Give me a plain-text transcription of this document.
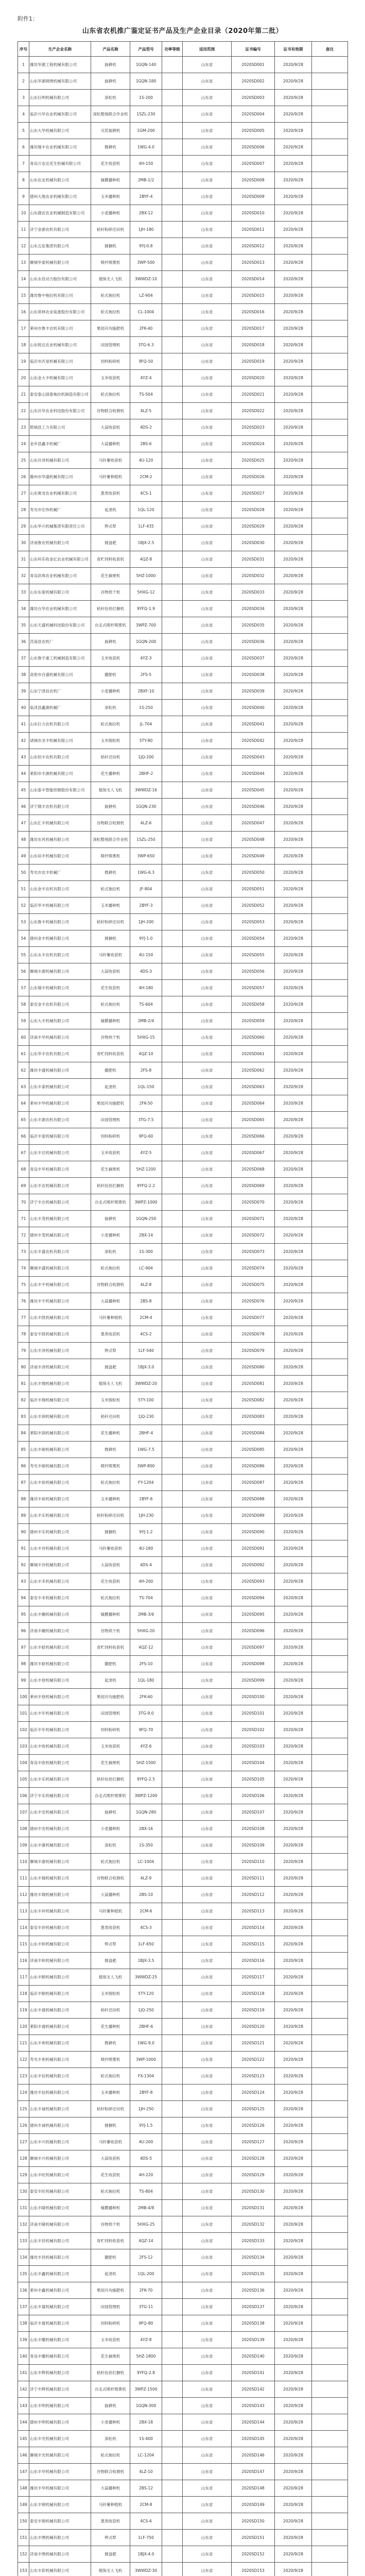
附件1：
山东省农机推广鉴定证书产品及生产企业目录（2020年第二批）
序号	生产企业名称	产品名称	产品型号	功率等级	适用范围	证书编号	证书有效期	备注
1	潍坊华源工程机械有限公司	旋耕机	1GQN-140		山东省	2020SD001	2020/9/28	
2	山东华源锦绣机械有限公司	旋耕机	1GQN-180		山东省	2020SD002	2020/9/28	
3	山东巨明机械有限公司	深松机	1S-200		山东省	2020SD003	2020/9/28	
4	临沂兴华农业机械有限公司	深松整地联合作业机	1SZL-230		山东省	2020SD004	2020/9/28	
5	山东大华机械有限公司	灭茬旋耕机	1GM-200		山东省	2020SD005	2020/9/28	
6	潍坊瑞丰农业机械有限公司	微耕机	1WG-4.0		山东省	2020SD006	2020/9/28	
7	青岛万农达花生机械有限公司	花生收获机	4H-150		山东省	2020SD007	2020/9/28	
8	山东农友机械有限公司	铺膜播种机	2MB-1/2		山东省	2020SD008	2020/9/28	
9	德州大地农业机械有限公司	玉米播种机	2BYF-4		山东省	2020SD009	2020/9/28	
10	山东德农农业机械制造有限公司	小麦播种机	2BX-12		山东省	2020SD010	2020/9/28	
11	济宁金源农机有限公司	秸秆粉碎还田机	1JH-180		山东省	2020SD011	2020/9/28	
12	山东五征集团有限公司	圆捆机	9YJ-0.8		山东省	2020SD012	2020/9/28	
13	聊城华泰机械有限公司	喷杆喷雾机	3WP-500		山东省	2020SD013	2020/9/28	
14	山东永佳动力股份有限公司	植保无人飞机	3WWDZ-10		山东省	2020SD014	2020/9/28	
15	潍坊鲁中拖拉机有限公司	轮式拖拉机	LZ-904		山东省	2020SD015	2020/9/28	
16	山东常林农业装备股份有限公司	轮式拖拉机	CL-1004		山东省	2020SD016	2020/9/28	
17	莱州市鲁丰农机有限公司	果园开沟施肥机	2FK-40		山东省	2020SD017	2020/9/28	
18	山东锐达农业机械有限公司	田园管理机	3TG-6.3		山东省	2020SD018	2020/9/28	
19	临沂市沂星机械有限公司	饲料粉碎机	9FQ-50		山东省	2020SD019	2020/9/28	
20	山东金大丰机械有限公司	玉米收获机	4YZ-4		山东省	2020SD020	2020/9/28	
21	泰安泰山国泰拖拉机制造有限公司	轮式拖拉机	TS-504		山东省	2020SD021	2020/9/28	
22	山东沃华农业科技股份有限公司	谷物联合收割机	4LZ-5		山东省	2020SD022	2020/9/28	
23	郓城县工力有限公司	大蒜收获机	4DS-2		山东省	2020SD023	2020/9/28	
24	金乡县鑫丰机械厂	大蒜播种机	2BS-6		山东省	2020SD024	2020/9/28	
25	山东开泽机械有限公司	马铃薯收获机	4U-120		山东省	2020SD025	2020/9/28	
26	滕州市华盛机械有限公司	马铃薯种植机	2CM-2		山东省	2020SD026	2020/9/28	
27	山东奥龙农业机械有限公司	葱类收获机	4CS-1		山东省	2020SD027	2020/9/28	
28	寿光市宏伟机械厂	起垄机	1QL-120		山东省	2020SD028	2020/9/28	
29	山东华兴机械集团有限责任公司	铧式犁	1LF-435		山东省	2020SD029	2020/9/28	
30	济南鲁农机械有限公司	圆盘耙	1BJX-2.5		山东省	2020SD030	2020/9/28	
31	山东科乐收金亿农业机械有限公司	青贮饲料收获机	4QZ-8		山东省	2020SD031	2020/9/28	
32	青岛洪珠农业机械有限公司	花生摘果机	5HZ-1000		山东省	2020SD032	2020/9/28	
33	山东东泰机械有限公司	谷物烘干机	5HXG-12		山东省	2020SD033	2020/9/28	
34	潍坊百华农业机械有限公司	秸秆捡拾打捆机	9YFQ-1.9		山东省	2020SD034	2020/9/28	
35	山东天盛机械科技股份有限公司	自走式喷杆喷雾机	3WPZ-700		山东省	2020SD035	2020/9/28	
36	莒南县农机厂	旋耕机	1GQN-200		山东省	2020SD036	2020/9/28	
37	山东鲁宇重工机械制造有限公司	玉米收获机	4YZ-3		山东省	2020SD037	2020/9/28	
38	高密市百盛机械有限公司	撒肥机	2FS-5		山东省	2020SD038	2020/9/28	
39	山东宁津县农机厂	小麦播种机	2BXF-10		山东省	2020SD039	2020/9/28	
40	临沭县鑫源机械厂	深松机	1S-250		山东省	2020SD040	2020/9/28	
41	山东巨力农机有限公司	轮式拖拉机	JL-704		山东省	2020SD041	2020/9/28	
42	诸城市圣丰机械有限公司	玉米脱粒机	5TY-80		山东省	2020SD042	2020/9/28	
43	山东恒丰农机有限公司	秸秆还田机	1JQ-200		山东省	2020SD043	2020/9/28	
44	莱阳市丰源机械有限公司	花生播种机	2BHF-2		山东省	2020SD044	2020/9/28	
45	山东泰丰智能控制股份有限公司	植保无人飞机	3WWDZ-16		山东省	2020SD045	2020/9/28	
46	济宁德丰农机有限公司	旋耕机	1GQN-230		山东省	2020SD046	2020/9/28	
47	山东汇丰机械有限公司	谷物联合收割机	4LZ-6		山东省	2020SD047	2020/9/28	
48	潍坊东风机械有限公司	深松整地联合作业机	1SZL-250		山东省	2020SD048	2020/9/28	
49	山东田丰机械有限公司	喷杆喷雾机	3WP-650		山东省	2020SD049	2020/9/28	
50	寿光市农丰机械厂	微耕机	1WG-6.3		山东省	2020SD050	2020/9/28	
51	山东金丰农机有限公司	轮式拖拉机	JF-804		山东省	2020SD051	2020/9/28	
52	临沂华丰机械有限公司	玉米播种机	2BYF-3		山东省	2020SD052	2020/9/28	
53	山东鲁丰机械有限公司	秸秆粉碎还田机	1JH-200		山东省	2020SD053	2020/9/28	
54	德州金丰机械有限公司	圆捆机	9YJ-1.0		山东省	2020SD054	2020/9/28	
55	山东永丰农机有限公司	马铃薯收获机	4U-150		山东省	2020SD055	2020/9/28	
56	聊城丰源机械有限公司	大蒜收获机	4DS-3		山东省	2020SD056	2020/9/28	
57	山东瑞丰机械有限公司	花生收获机	4H-180		山东省	2020SD057	2020/9/28	
58	泰安金丰农机有限公司	轮式拖拉机	TS-604		山东省	2020SD058	2020/9/28	
59	山东大丰机械有限公司	铺膜播种机	2MB-2/4		山东省	2020SD059	2020/9/28	
60	济南丰华机械有限公司	谷物烘干机	5HXG-15		山东省	2020SD060	2020/9/28	
61	山东华丰农机有限公司	青贮饲料收获机	4QZ-10		山东省	2020SD061	2020/9/28	
62	潍坊丰盛机械有限公司	撒肥机	2FS-8		山东省	2020SD062	2020/9/28	
63	山东丰泰机械有限公司	起垄机	1QL-150		山东省	2020SD063	2020/9/28	
64	莱州丰华机械有限公司	果园开沟施肥机	2FK-50		山东省	2020SD064	2020/9/28	
65	山东丰源农机有限公司	田园管理机	3TG-7.5		山东省	2020SD065	2020/9/28	
66	临沂丰泰机械有限公司	饲料粉碎机	9FQ-60		山东省	2020SD066	2020/9/28	
67	山东丰达机械有限公司	玉米收获机	4YZ-5		山东省	2020SD067	2020/9/28	
68	青岛丰华机械有限公司	花生摘果机	5HZ-1200		山东省	2020SD068	2020/9/28	
69	山东丰农机械有限公司	秸秆捡拾打捆机	9YFQ-2.2		山东省	2020SD069	2020/9/28	
70	济宁丰达机械有限公司	自走式喷杆喷雾机	3WPZ-1000		山东省	2020SD070	2020/9/28	
71	山东丰茂机械有限公司	旋耕机	1GQN-250		山东省	2020SD071	2020/9/28	
72	德州丰茂机械有限公司	小麦播种机	2BX-14		山东省	2020SD072	2020/9/28	
73	山东丰盛农机有限公司	深松机	1S-300		山东省	2020SD073	2020/9/28	
74	聊城丰盛机械有限公司	轮式拖拉机	LC-904		山东省	2020SD074	2020/9/28	
75	山东丰宇机械有限公司	谷物联合收割机	4LZ-8		山东省	2020SD075	2020/9/28	
76	潍坊丰宇机械有限公司	大蒜播种机	2BS-8		山东省	2020SD076	2020/9/28	
77	山东丰凯机械有限公司	马铃薯种植机	2CM-4		山东省	2020SD077	2020/9/28	
78	泰安丰凯机械有限公司	葱类收获机	4CS-2		山东省	2020SD078	2020/9/28	
79	山东丰泽机械有限公司	铧式犁	1LF-540		山东省	2020SD079	2020/9/28	
80	济南丰泽机械有限公司	圆盘耙	1BJX-3.0		山东省	2020SD080	2020/9/28	
81	山东丰翔机械有限公司	植保无人飞机	3WWDZ-20		山东省	2020SD081	2020/9/28	
82	临沂丰翔机械有限公司	玉米脱粒机	5TY-100		山东省	2020SD082	2020/9/28	
83	山东丰润机械有限公司	秸秆还田机	1JQ-230		山东省	2020SD083	2020/9/28	
84	莱阳丰润机械有限公司	花生播种机	2BHF-4		山东省	2020SD084	2020/9/28	
85	山东丰硕机械有限公司	微耕机	1WG-7.5		山东省	2020SD085	2020/9/28	
86	寿光丰硕机械有限公司	喷杆喷雾机	3WP-800		山东省	2020SD086	2020/9/28	
87	山东丰裕机械有限公司	轮式拖拉机	FY-1204		山东省	2020SD087	2020/9/28	
88	潍坊丰裕机械有限公司	玉米播种机	2BYF-6		山东省	2020SD088	2020/9/28	
89	山东丰实机械有限公司	秸秆粉碎还田机	1JH-230		山东省	2020SD089	2020/9/28	
90	德州丰实机械有限公司	圆捆机	9YJ-1.2		山东省	2020SD090	2020/9/28	
91	山东丰谷机械有限公司	马铃薯收获机	4U-180		山东省	2020SD091	2020/9/28	
92	聊城丰谷机械有限公司	大蒜收获机	4DS-4		山东省	2020SD092	2020/9/28	
93	山东丰禾机械有限公司	花生收获机	4H-200		山东省	2020SD093	2020/9/28	
94	泰安丰禾机械有限公司	轮式拖拉机	TS-704		山东省	2020SD094	2020/9/28	
95	山东丰穗机械有限公司	铺膜播种机	2MB-3/6		山东省	2020SD095	2020/9/28	
96	济南丰穗机械有限公司	谷物烘干机	5HXG-20		山东省	2020SD096	2020/9/28	
97	山东丰稔机械有限公司	青贮饲料收获机	4QZ-12		山东省	2020SD097	2020/9/28	
98	潍坊丰稔机械有限公司	撒肥机	2FS-10		山东省	2020SD098	2020/9/28	
99	山东丰登机械有限公司	起垄机	1QL-180		山东省	2020SD099	2020/9/28	
100	莱州丰登机械有限公司	果园开沟施肥机	2FK-60		山东省	2020SD100	2020/9/28	
101	山东丰年机械有限公司	田园管理机	3TG-9.0		山东省	2020SD101	2020/9/28	
102	临沂丰年机械有限公司	饲料粉碎机	9FQ-70		山东省	2020SD102	2020/9/28	
103	山东丰收机械有限公司	玉米收获机	4YZ-6		山东省	2020SD103	2020/9/28	
104	青岛丰收机械有限公司	花生摘果机	5HZ-1500		山东省	2020SD104	2020/9/28	
105	山东丰乐机械有限公司	秸秆捡拾打捆机	9YFQ-2.5		山东省	2020SD105	2020/9/28	
106	济宁丰乐机械有限公司	自走式喷杆喷雾机	3WPZ-1200		山东省	2020SD106	2020/9/28	
107	山东丰安机械有限公司	旋耕机	1GQN-280		山东省	2020SD107	2020/9/28	
108	德州丰安机械有限公司	小麦播种机	2BX-16		山东省	2020SD108	2020/9/28	
109	山东丰康机械有限公司	深松机	1S-350		山东省	2020SD109	2020/9/28	
110	聊城丰康机械有限公司	轮式拖拉机	LC-1004		山东省	2020SD110	2020/9/28	
111	山东丰瑞机械有限公司	谷物联合收割机	4LZ-9		山东省	2020SD111	2020/9/28	
112	潍坊丰瑞机械有限公司	大蒜播种机	2BS-10		山东省	2020SD112	2020/9/28	
113	山东丰祥机械有限公司	马铃薯种植机	2CM-6		山东省	2020SD113	2020/9/28	
114	泰安丰祥机械有限公司	葱类收获机	4CS-3		山东省	2020SD114	2020/9/28	
115	山东丰和机械有限公司	铧式犁	1LF-650		山东省	2020SD115	2020/9/28	
116	济南丰和机械有限公司	圆盘耙	1BJX-3.5		山东省	2020SD116	2020/9/28	
117	山东丰顺机械有限公司	植保无人飞机	3WWDZ-25		山东省	2020SD117	2020/9/28	
118	临沂丰顺机械有限公司	玉米脱粒机	5TY-120		山东省	2020SD118	2020/9/28	
119	山东丰通机械有限公司	秸秆还田机	1JQ-250		山东省	2020SD119	2020/9/28	
120	莱阳丰通机械有限公司	花生播种机	2BHF-6		山东省	2020SD120	2020/9/28	
121	山东丰利机械有限公司	微耕机	1WG-9.0		山东省	2020SD121	2020/9/28	
122	寿光丰利机械有限公司	喷杆喷雾机	3WP-1000		山东省	2020SD122	2020/9/28	
123	山东丰信机械有限公司	轮式拖拉机	FX-1304		山东省	2020SD123	2020/9/28	
124	潍坊丰信机械有限公司	玉米播种机	2BYF-8		山东省	2020SD124	2020/9/28	
125	山东丰诚机械有限公司	秸秆粉碎还田机	1JH-250		山东省	2020SD125	2020/9/28	
126	德州丰诚机械有限公司	圆捆机	9YJ-1.5		山东省	2020SD126	2020/9/28	
127	山东丰兴机械有限公司	马铃薯收获机	4U-200		山东省	2020SD127	2020/9/28	
128	聊城丰兴机械有限公司	大蒜收获机	4DS-5		山东省	2020SD128	2020/9/28	
129	山东丰旺机械有限公司	花生收获机	4H-220		山东省	2020SD129	2020/9/28	
130	泰安丰旺机械有限公司	轮式拖拉机	TS-804		山东省	2020SD130	2020/9/28	
131	山东丰隆机械有限公司	铺膜播种机	2MB-4/8		山东省	2020SD131	2020/9/28	
132	济南丰隆机械有限公司	谷物烘干机	5HXG-25		山东省	2020SD132	2020/9/28	
133	山东丰昌机械有限公司	青贮饲料收获机	4QZ-14		山东省	2020SD133	2020/9/28	
134	潍坊丰昌机械有限公司	撒肥机	2FS-12		山东省	2020SD134	2020/9/28	
135	山东丰鑫机械有限公司	起垄机	1QL-200		山东省	2020SD135	2020/9/28	
136	莱州丰鑫机械有限公司	果园开沟施肥机	2FK-70		山东省	2020SD136	2020/9/28	
137	山东丰晟机械有限公司	田园管理机	3TG-11		山东省	2020SD137	2020/9/28	
138	临沂丰晟机械有限公司	饲料粉碎机	9FQ-80		山东省	2020SD138	2020/9/28	
139	山东丰耀机械有限公司	玉米收获机	4YZ-8		山东省	2020SD139	2020/9/28	
140	青岛丰耀机械有限公司	花生摘果机	5HZ-1800		山东省	2020SD140	2020/9/28	
141	山东丰辉机械有限公司	秸秆捡拾打捆机	9YFQ-2.8		山东省	2020SD141	2020/9/28	
142	济宁丰辉机械有限公司	自走式喷杆喷雾机	3WPZ-1500		山东省	2020SD142	2020/9/28	
143	山东丰明机械有限公司	旋耕机	1GQN-300		山东省	2020SD143	2020/9/28	
144	德州丰明机械有限公司	小麦播种机	2BX-18		山东省	2020SD144	2020/9/28	
145	山东丰光机械有限公司	深松机	1S-400		山东省	2020SD145	2020/9/28	
146	聊城丰光机械有限公司	轮式拖拉机	LC-1204		山东省	2020SD146	2020/9/28	
147	山东丰华机械有限公司	谷物联合收割机	4LZ-10		山东省	2020SD147	2020/9/28	
148	潍坊丰华机械有限公司	大蒜播种机	2BS-12		山东省	2020SD148	2020/9/28	
149	山东丰锦机械有限公司	马铃薯种植机	2CM-8		山东省	2020SD149	2020/9/28	
150	泰安丰锦机械有限公司	葱类收获机	4CS-4		山东省	2020SD150	2020/9/28	
151	山东丰绣机械有限公司	铧式犁	1LF-750		山东省	2020SD151	2020/9/28	
152	济南丰绣机械有限公司	圆盘耙	1BJX-4.0		山东省	2020SD152	2020/9/28	
153	山东丰彩机械有限公司	植保无人飞机	3WWDZ-30		山东省	2020SD153	2020/9/28	
